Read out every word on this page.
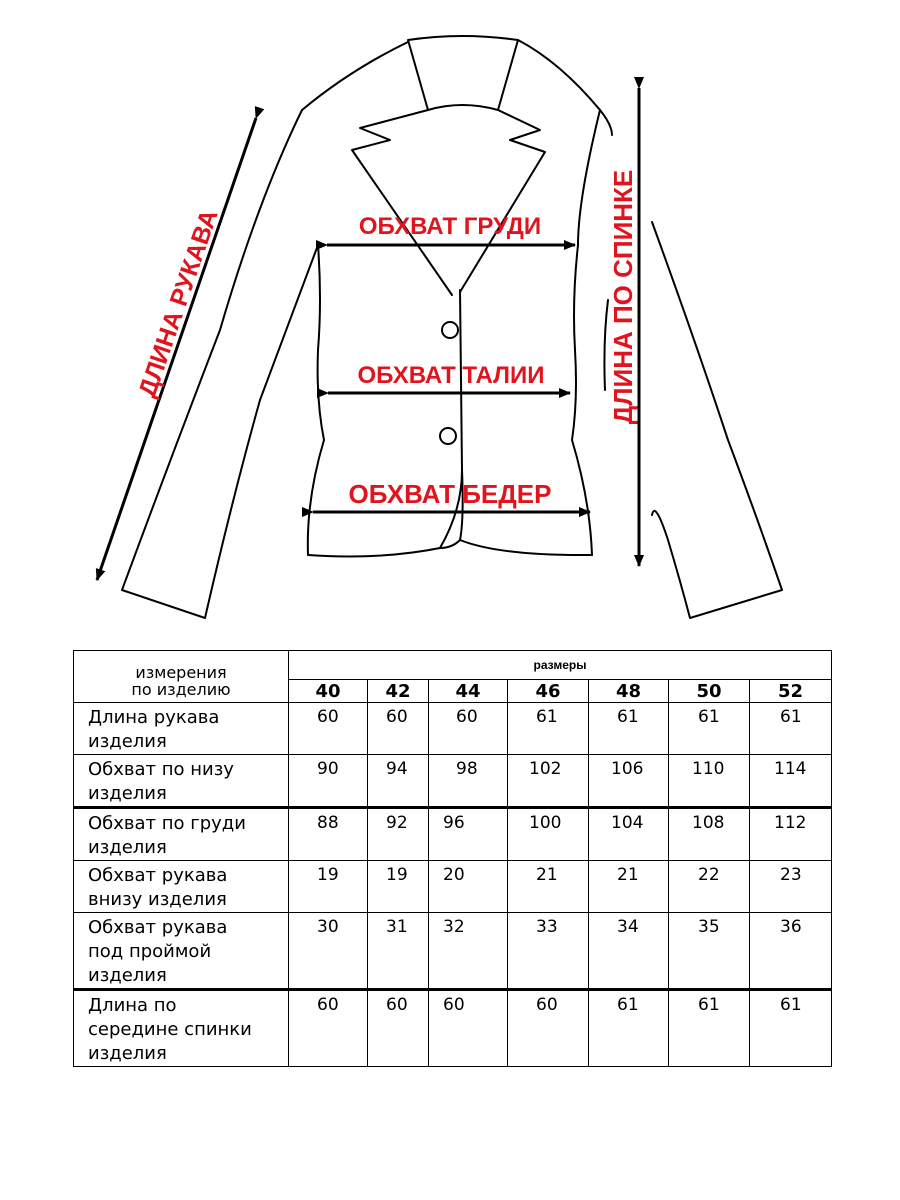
ОБХВАТ ГРУДИ
ОБХВАТ ТАЛИИ
ОБХВАТ БЕДЕР
ДЛИНА РУКАВА	ДЛИНА ПО СПИНКЕ
измерения
по изделию	размеры						
	40	42	44	46	48	50	52

Длина рукава
изделия	60	60	60	61	61	61	61

Обхват по низу
изделия	90	94	98	102	106	110	114

Обхват по груди
изделия	88	92	96	100	104	108	112

Обхват рукава
внизу изделия	19	19	20	21	21	22	23

Обхват рукава
под проймой
изделия	30	31	32	33	34	35	36

Длина по
середине спинки
изделия	60	60	60	60	61	61	61
